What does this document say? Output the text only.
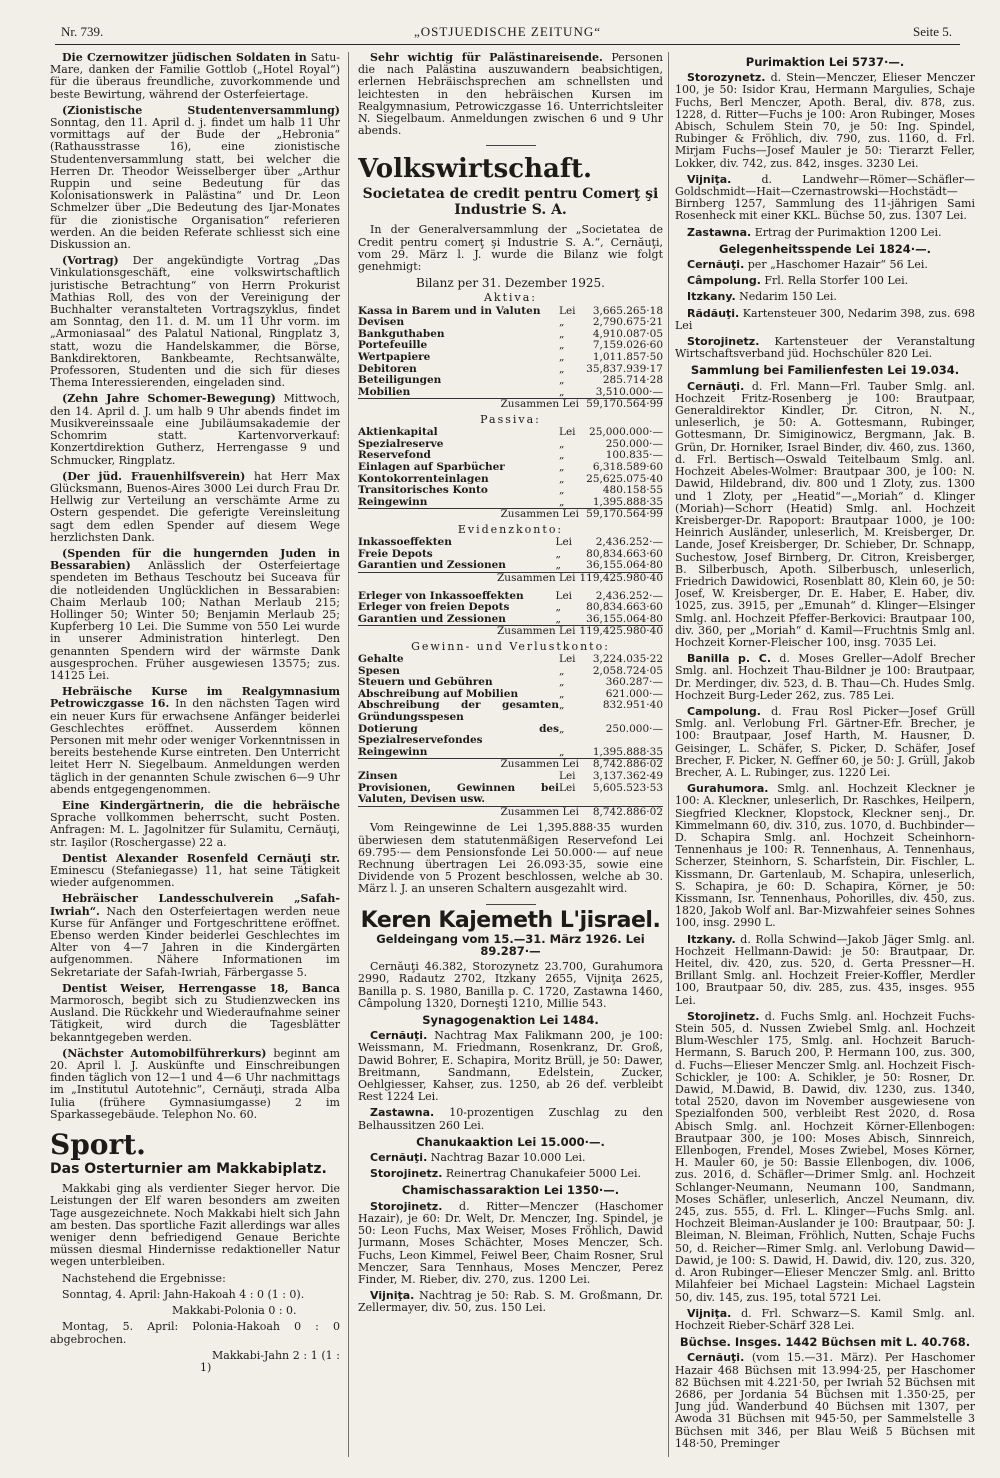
Nr. 739.	„OSTJUEDISCHE ZEITUNG“	Seite 5.

Die Czernowitzer jüdischen Soldaten in Satu-Mare, danken der Familie Gottlob („Hotel Royal“) für die überaus freundliche, zuvorkommende und beste Bewirtung, während der Osterfeiertage.

(Zionistische Studentenversammlung) Sonntag, den 11. April d. j. findet um halb 11 Uhr vormittags auf der Bude der „Hebronia“ (Rathausstrasse 16), eine zionistische Studentenversammlung statt, bei welcher die Herren Dr. Theodor Weisselberger über „Arthur Ruppin und seine Bedeutung für das Kolonisationswerk in Palästina“ und Dr. Leon Schmelzer über „Die Bedeutung des Ijar-Monates für die zionistische Organisation“ referieren werden. An die beiden Referate schliesst sich eine Diskussion an.

(Vortrag) Der angekündigte Vortrag „Das Vinkulationsgeschäft, eine volkswirtschaftlich juristische Betrachtung“ von Herrn Prokurist Mathias Roll, des von der Vereinigung der Buchhalter veranstalteten Vortragszyklus, findet am Sonntag, den 11. d. M. um 11 Uhr vorm. im „Armoniasaal“ des Palatul National, Ringplatz 3, statt, wozu die Handelskammer, die Börse, Bankdirektoren, Bankbeamte, Rechtsanwälte, Professoren, Studenten und die sich für dieses Thema Interessierenden, eingeladen sind.

(Zehn Jahre Schomer-Bewegung) Mittwoch, den 14. April d. J. um halb 9 Uhr abends findet im Musikvereinssaale eine Jubiläumsakademie der Schomrim statt. Kartenvorverkauf: Konzertdirektion Gutherz, Herrengasse 9 und Schmucker, Ringplatz.

(Der jüd. Frauenhilfsverein) hat Herr Max Glücksmann, Buenos-Aires 3000 Lei durch Frau Dr. Hellwig zur Verteilung an verschämte Arme zu Ostern gespendet. Die geferigte Vereinsleitung sagt dem edlen Spender auf diesem Wege herzlichsten Dank.

(Spenden für die hungernden Juden in Bessarabien) Anlässlich der Osterfeiertage spendeten im Bethaus Teschoutz bei Suceava für die notleidenden Unglücklichen in Bessarabien: Chaim Merlaub 100; Nathan Merlaub 215; Hollinger 50; Winter 50; Benjamin Merlaub 25; Kupferberg 10 Lei. Die Summe von 550 Lei wurde in unserer Administration hinterlegt. Den genannten Spendern wird der wärmste Dank ausgesprochen. Früher ausgewiesen 13575; zus. 14125 Lei.

Hebräische Kurse im Realgymnasium Petrowiczgasse 16. In den nächsten Tagen wird ein neuer Kurs für erwachsene Anfänger beiderlei Geschlechtes eröffnet. Ausserdem können Personen mit mehr oder weniger Vorkenntnissen in bereits bestehende Kurse eintreten. Den Unterricht leitet Herr N. Siegelbaum. Anmeldungen werden täglich in der genannten Schule zwischen 6—9 Uhr abends entgegengenommen.

Eine Kindergärtnerin, die die hebräische Sprache vollkommen beherrscht, sucht Posten. Anfragen: M. L. Jagolnitzer für Sulamitu, Cernăuţi, str. Iaşilor (Roschergasse) 22 a.

Dentist Alexander Rosenfeld Cernăuţi str. Eminescu (Stefaniegasse) 11, hat seine Tätigkeit wieder aufgenommen.

Hebräischer Landesschulverein „Safah-Iwriah“. Nach den Osterfeiertagen werden neue Kurse für Anfänger und Fortgeschrittene eröffnet. Ebenso werden Kinder beiderlei Geschlechtes im Alter von 4—7 Jahren in die Kindergärten aufgenommen. Nähere Informationen im Sekretariate der Safah-Iwriah, Färbergasse 5.

Dentist Weiser, Herrengasse 18, Banca Marmorosch, begibt sich zu Studienzwecken ins Ausland. Die Rückkehr und Wiederaufnahme seiner Tätigkeit, wird durch die Tagesblätter bekanntgegeben werden.

(Nächster Automobilführerkurs) beginnt am 20. April l. J. Auskünfte und Einschreibungen finden täglich von 12—1 und 4—6 Uhr nachmittags im „Institutul Autotehnic“, Cernăuţi, strada Alba Iulia (frühere Gymnasiumgasse) 2 im Sparkassegebäude. Telephon No. 60.

Sport.
Das Osterturnier am Makkabiplatz.

Makkabi ging als verdienter Sieger hervor. Die Leistungen der Elf waren besonders am zweiten Tage ausgezeichnete. Noch Makkabi hielt sich Jahn am besten. Das sportliche Fazit allerdings war alles weniger denn befriedigend Genaue Berichte müssen diesmal Hindernisse redaktioneller Natur wegen unterbleiben.

Nachstehend die Ergebnisse:

Sonntag, 4. April: Jahn-Hakoah 4 : 0 (1 : 0).

Makkabi-Polonia 0 : 0.

Montag, 5. April: Polonia-Hakoah 0 : 0 abgebrochen.

Makkabi-Jahn 2 : 1 (1 : 1)

Sehr wichtig für Palästinareisende. Personen die nach Palästina auszuwandern beabsichtigen, erlernen Hebräischsprechen am schnellsten und leichtesten in den hebräischen Kursen im Realgymnasium, Petrowiczgasse 16. Unterrichtsleiter N. Siegelbaum. Anmeldungen zwischen 6 und 9 Uhr abends.

Volkswirtschaft.
Societatea de credit pentru Comerţ şi Industrie S. A.

In der Generalversammlung der „Societatea de Credit pentru comerţ şi Industrie S. A.“, Cernăuţi, vom 29. März l. J. wurde die Bilanz wie folgt genehmigt:

Bilanz per 31. Dezember 1925.
Aktiva:
Kassa in Barem und in Valuten	Lei	3,665.265·18
Devisen	„	2,790.675·21
Bankguthaben	„	4,910.087·05
Portefeuille	„	7,159.026·60
Wertpapiere	„	1,011.857·50
Debitoren	„	35,837.939·17
Beteiligungen	„	285.714·28
Mobilien	„	3,510.000·—
Zusammen Lei		59,170.564·99
Passiva:
Aktienkapital	Lei	25,000.000·—
Spezialreserve	„	250.000·—
Reservefond	„	100.835·—
Einlagen auf Sparbücher	„	6,318.589·60
Kontokorrenteinlagen	„	25,625.075·40
Transitorisches Konto	„	480.158·55
Reingewinn	„	1,395.888·35
Zusammen Lei		59,170.564·99
Evidenzkonto:
Inkassoeffekten	Lei	2,436.252·—
Freie Depots	„	80,834.663·60
Garantien und Zessionen	„	36,155.064·80
Zusammen Lei		119,425.980·40
Erleger von Inkassoeffekten	Lei	2,436.252·—
Erleger von freien Depots	„	80,834.663·60
Garantien und Zessionen	„	36,155.064·80
Zusammen Lei		119,425.980·40
Gewinn- und Verlustkonto:
Gehalte	Lei	3,224.035·22
Spesen	„	2,058.724·05
Steuern und Gebühren	„	360.287·—
Abschreibung auf Mobilien	„	621.000·—
Abschreibung der gesamten Gründungsspesen	„	832.951·40
Dotierung des Spezialreservefondes	„	250.000·—
Reingewinn	„	1,395.888·35
Zusammen Lei		8,742.886·02
Zinsen	Lei	3,137.362·49
Provisionen, Gewinnen bei Valuten, Devisen usw.	Lei	5,605.523·53
Zusammen Lei		8,742.886·02

Vom Reingewinne de Lei 1,395.888·35 wurden überwiesen dem statutenmäßigen Reservefond Lei 69.795·— dem Pensionsfonde Lei 50.000·— auf neue Rechnung übertragen Lei 26.093·35, sowie eine Dividende von 5 Prozent beschlossen, welche ab 30. März l. J. an unseren Schaltern ausgezahlt wird.

Keren Kajemeth L'jisrael.
Geldeingang vom 15.—31. März 1926. Lei 89.287·—

Cernăuţi 46.382, Storozynetz 23.700, Gurahumora 2990, Radautz 2702, Itzkany 2655, Vijniţa 2625, Banilla p. S. 1980, Banilla p. C. 1720, Zastawna 1460, Câmpolung 1320, Dorneşti 1210, Millie 543.

Synagogenaktion Lei 1484.

Cernăuţi. Nachtrag Max Falikmann 200, je 100: Weissmann, M. Friedmann, Rosenkranz, Dr. Groß, Dawid Bohrer, E. Schapira, Moritz Brüll, je 50: Dawer, Breitmann, Sandmann, Edelstein, Zucker, Oehlgiesser, Kahser, zus. 1250, ab 26 def. verbleibt Rest 1224 Lei.

Zastawna. 10-prozentigen Zuschlag zu den Belhaussitzen 260 Lei.

Chanukaaktion Lei 15.000·—.

Cernăuţi. Nachtrag Bazar 10.000 Lei.

Storojinetz. Reinertrag Chanukafeier 5000 Lei.

Chamischassaraktion Lei 1350·—.

Storojinetz. d. Ritter—Menczer (Haschomer Hazair), je 60: Dr. Welt, Dr. Menczer, Ing. Spindel, je 50: Leon Fuchs, Max Weiser, Moses Fröhlich, Dawid Jurmann, Moses Schächter, Moses Menczer, Sch. Fuchs, Leon Kimmel, Feiwel Beer, Chaim Rosner, Srul Menczer, Sara Tennhaus, Moses Menczer, Perez Finder, M. Rieber, div. 270, zus. 1200 Lei.

Vijniţa. Nachtrag je 50: Rab. S. M. Großmann, Dr. Zellermayer, div. 50, zus. 150 Lei.

Purimaktion Lei 5737·—.

Storozynetz. d. Stein—Menczer, Elieser Menczer 100, je 50: Isidor Krau, Hermann Margulies, Schaje Fuchs, Berl Menczer, Apoth. Beral, div. 878, zus. 1228, d. Ritter—Fuchs je 100: Aron Rubinger, Moses Abisch, Schulem Stein 70, je 50: Ing. Spindel, Rubinger & Fröhlich, div. 790, zus. 1160, d. Frl. Mirjam Fuchs—Josef Mauler je 50: Tierarzt Feller, Lokker, div. 742, zus. 842, insges. 3230 Lei.

Vijniţa. d. Landwehr—Römer—Schäfler—Goldschmidt—Hait—Czernastrowski—Hochstädt—Birnberg 1257, Sammlung des 11-jährigen Sami Rosenheck mit einer KKL. Büchse 50, zus. 1307 Lei.

Zastawna. Ertrag der Purimaktion 1200 Lei.

Gelegenheitsspende Lei 1824·—.

Cernăuţi. per „Haschomer Hazair“ 56 Lei.

Câmpolung. Frl. Rella Storfer 100 Lei.

Itzkany. Nedarim 150 Lei.

Rădăuţi. Kartensteuer 300, Nedarim 398, zus. 698 Lei

Storojinetz. Kartensteuer der Veranstaltung Wirtschaftsverband jüd. Hochschüler 820 Lei.

Sammlung bei Familienfesten Lei 19.034.

Cernăuţi. d. Frl. Mann—Frl. Tauber Smlg. anl. Hochzeit Fritz-Rosenberg je 100: Brautpaar, Generaldirektor Kindler, Dr. Citron, N. N., unleserlich, je 50: A. Gottesmann, Rubinger, Gottesmann, Dr. Simiginowicz, Bergmann, Jak. B. Grün, Dr. Horniker, Israel Binder, div. 460, zus. 1360, d. Frl. Bertisch—Oswald Teitelbaum Smlg. anl. Hochzeit Abeles-Wolmer: Brautpaar 300, je 100: N. Dawid, Hildebrand, div. 800 und 1 Zloty, zus. 1300 und 1 Zloty, per „Heatid“—„Moriah“ d. Klinger (Moriah)—Schorr (Heatid) Smlg. anl. Hochzeit Kreisberger-Dr. Rapoport: Brautpaar 1000, je 100: Heinrich Ausländer, unleserlich, M. Kreisberger, Dr. Lande, Josef Kreisberger, Dr. Schieber, Dr. Schnapp, Suchestow, Josef Birnberg, Dr. Citron, Kreisberger, B. Silberbusch, Apoth. Silberbusch, unleserlich, Friedrich Dawidowici, Rosenblatt 80, Klein 60, je 50: Josef, W. Kreisberger, Dr. E. Haber, E. Haber, div. 1025, zus. 3915, per „Emunah“ d. Klinger—Elsinger Smlg. anl. Hochzeit Pfeffer-Berkovici: Brautpaar 100, div. 360, per „Moriah“ d. Kamil—Fruchtnis Smlg anl. Hochzeit Korner-Fleischer 100, insg. 7035 Lei.

Banilla p. C. d. Moses Greller—Adolf Brecher Smlg. anl. Hochzeit Thau-Bildner je 100: Brautpaar, Dr. Merdinger, div. 523, d. B. Thau—Ch. Hudes Smlg. Hochzeit Burg-Leder 262, zus. 785 Lei.

Campolung. d. Frau Rosl Picker—Josef Grüll Smlg. anl. Verlobung Frl. Gärtner-Efr. Brecher, je 100: Brautpaar, Josef Harth, M. Hausner, D. Geisinger, L. Schäfer, S. Picker, D. Schäfer, Josef Brecher, F. Picker, N. Geffner 60, je 50: J. Grüll, Jakob Brecher, A. L. Rubinger, zus. 1220 Lei.

Gurahumora. Smlg. anl. Hochzeit Kleckner je 100: A. Kleckner, unleserlich, Dr. Raschkes, Heilpern, Siegfried Kleckner, Klopstock, Kleckner senj., Dr. Kimmelmann 60, div. 310, zus. 1070, d. Buchbinder—D. Schapira Smlg. anl. Hochzeit Scheinhorn-Tennenhaus je 100: R. Tennenhaus, A. Tennenhaus, Scherzer, Steinhorn, S. Scharfstein, Dir. Fischler, L. Kissmann, Dr. Gartenlaub, M. Schapira, unleserlich, S. Schapira, je 60: D. Schapira, Körner, je 50: Kissmann, Isr. Tennenhaus, Pohorilles, div. 450, zus. 1820, Jakob Wolf anl. Bar-Mizwahfeier seines Sohnes 100, insg. 2990 L.

Itzkany. d. Rolla Schwind—Jakob Jäger Smlg. anl. Hochzeit Hellmann-Dawid: je 50: Brautpaar, Dr. Heitel, div. 420, zus. 520, d. Gerta Pressner—H. Brillant Smlg. anl. Hochzeit Freier-Koffler, Merdler 100, Brautpaar 50, div. 285, zus. 435, insges. 955 Lei.

Storojinetz. d. Fuchs Smlg. anl. Hochzeit Fuchs-Stein 505, d. Nussen Zwiebel Smlg. anl. Hochzeit Blum-Weschler 175, Smlg. anl. Hochzeit Baruch-Hermann, S. Baruch 200, P. Hermann 100, zus. 300, d. Fuchs—Elieser Menczer Smlg. anl. Hochzeit Fisch-Schickler, je 100: A. Schikler, je 50: Rosner, Dr. Dawid, M.Dawid, B. Dawid, div. 1230, zus. 1340, total 2520, davon im November ausgewiesene von Spezialfonden 500, verbleibt Rest 2020, d. Rosa Abisch Smlg. anl. Hochzeit Körner-Ellenbogen: Brautpaar 300, je 100: Moses Abisch, Sinnreich, Ellenbogen, Frendel, Moses Zwiebel, Moses Körner, H. Mauler 60, je 50: Bassie Ellenbogen, div. 1006, zus. 2016, d. Schäfler—Drimer Smlg. anl. Hochzeit Schlanger-Neumann, Neumann 100, Sandmann, Moses Schäfler, unleserlich, Anczel Neumann, div. 245, zus. 555, d. Frl. L. Klinger—Fuchs Smlg. anl. Hochzeit Bleiman-Auslander je 100: Brautpaar, 50: J. Bleiman, N. Bleiman, Fröhlich, Nutten, Schaje Fuchs 50, d. Reicher—Rimer Smlg. anl. Verlobung Dawid—Dawid, je 100: S. Dawid, H. Dawid, div. 120, zus. 320, d. Aron Rubinger—Elieser Menczer Smlg. anl. Britto Milahfeier bei Michael Lagstein: Michael Lagstein 50, div. 145, zus. 195, total 5721 Lei.

Vijniţa. d. Frl. Schwarz—S. Kamil Smlg. anl. Hochzeit Rieber-Schärf 328 Lei.

Büchse. Insges. 1442 Büchsen mit L. 40.768.

Cernăuţi. (vom 15.—31. März). Per Haschomer Hazair 468 Büchsen mit 13.994·25, per Haschomer 82 Büchsen mit 4.221·50, per Iwriah 52 Büchsen mit 2686, per Jordania 54 Büchsen mit 1.350·25, per Jung jüd. Wanderbund 40 Büchsen mit 1307, per Awoda 31 Büchsen mit 945·50, per Sammelstelle 3 Büchsen mit 346, per Blau Weiß 5 Büchsen mit 148·50, Preminger
